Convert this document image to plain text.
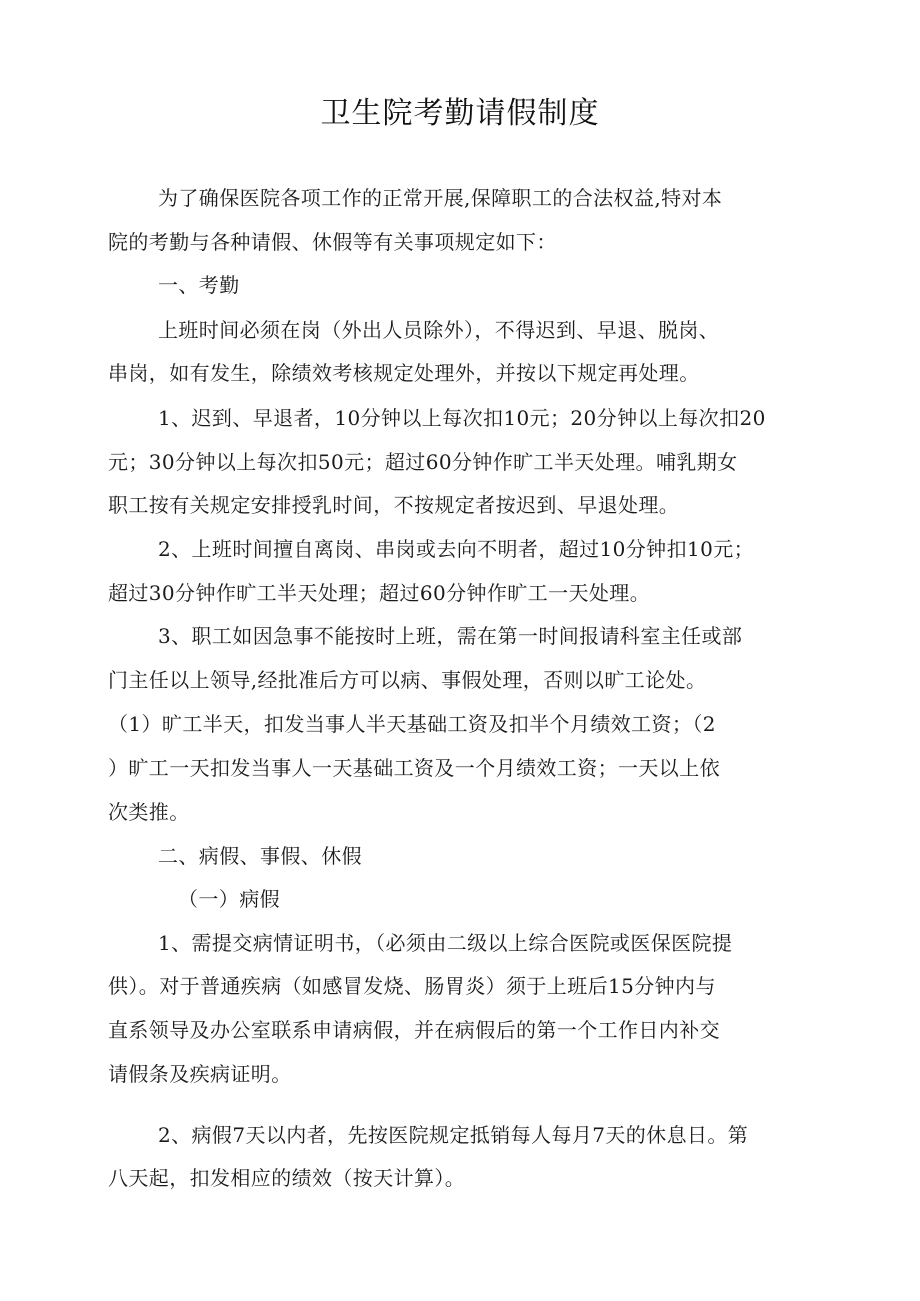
卫生院考勤请假制度
为了确保医院各项工作的正常开展,保障职工的合法权益,特对本
院的考勤与各种请假、休假等有关事项规定如下：
一、考勤
上班时间必须在岗（外出人员除外），不得迟到、早退、脱岗、
串岗，如有发生，除绩效考核规定处理外，并按以下规定再处理。
1、迟到、早退者，10分钟以上每次扣10元；20分钟以上每次扣20
元；30分钟以上每次扣50元；超过60分钟作旷工半天处理。哺乳期女
职工按有关规定安排授乳时间，不按规定者按迟到、早退处理。
2、上班时间擅自离岗、串岗或去向不明者，超过10分钟扣10元；
超过30分钟作旷工半天处理；超过60分钟作旷工一天处理。
3、职工如因急事不能按时上班，需在第一时间报请科室主任或部
门主任以上领导,经批准后方可以病、事假处理，否则以旷工论处。
（1）旷工半天，扣发当事人半天基础工资及扣半个月绩效工资；（2
）旷工一天扣发当事人一天基础工资及一个月绩效工资；一天以上依
次类推。
二、病假、事假、休假
（一）病假
1、需提交病情证明书，（必须由二级以上综合医院或医保医院提
供）。对于普通疾病（如感冒发烧、肠胃炎）须于上班后15分钟内与
直系领导及办公室联系申请病假，并在病假后的第一个工作日内补交
请假条及疾病证明。
2、病假7天以内者，先按医院规定抵销每人每月7天的休息日。第
八天起，扣发相应的绩效（按天计算）。
